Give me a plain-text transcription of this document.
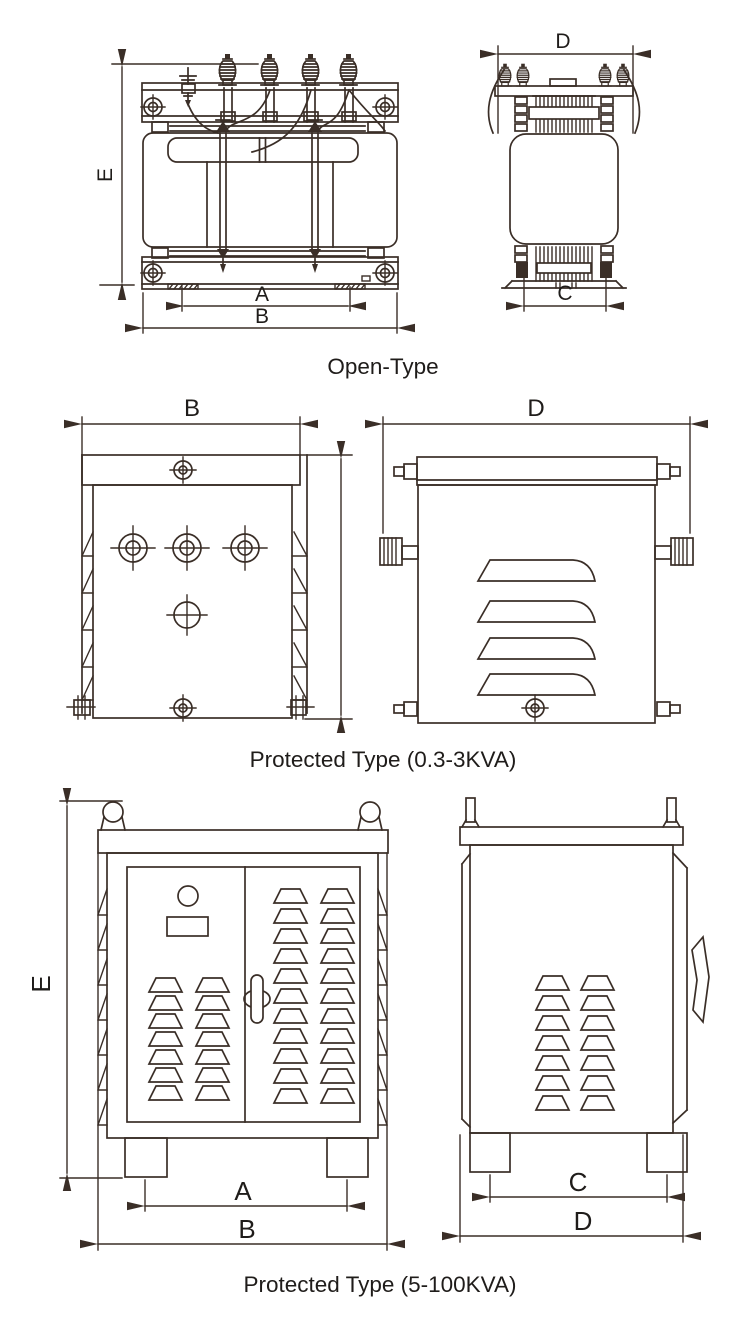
E
A
B
D
C
Open-Type
B	D
Protected Type (0.3-3KVA)
E
A
B
C
D
Protected Type (5-100KVA)
